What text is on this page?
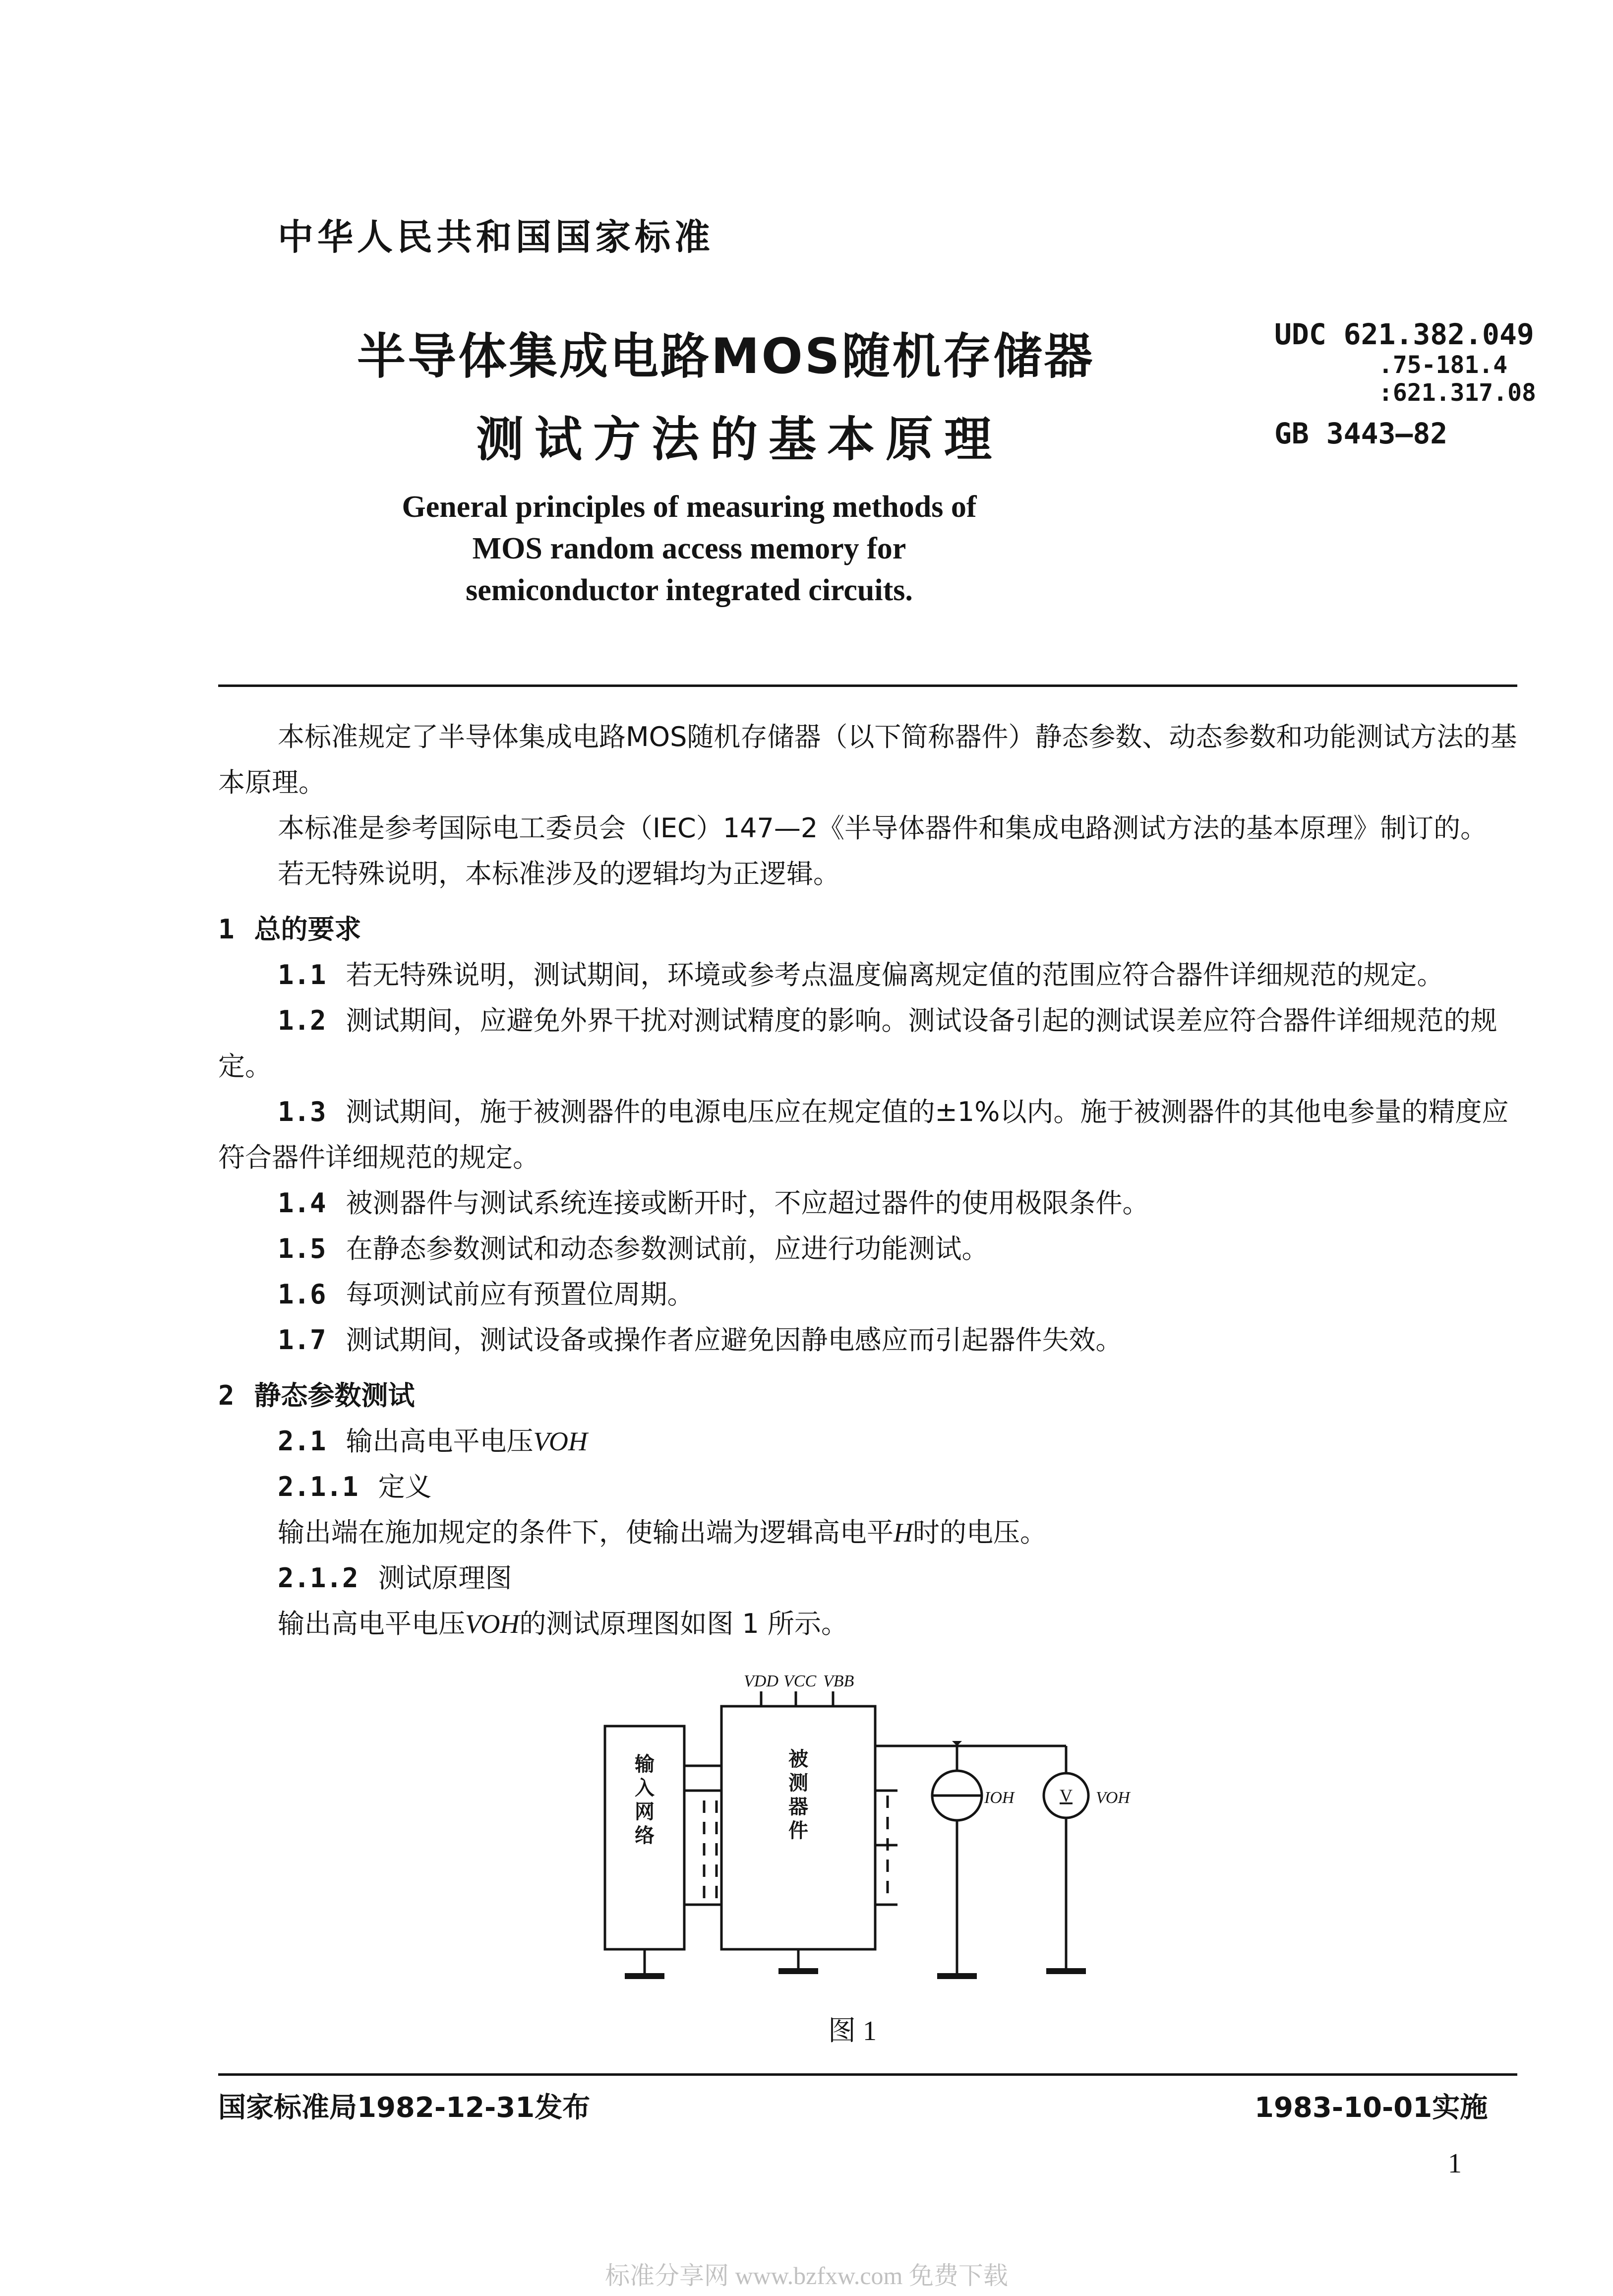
中华人民共和国国家标准
半导体集成电路MOS随机存储器
测试方法的基本原理
UDC 621.382.049
.75-181.4
:621.317.08
GB 3443—82
General principles of measuring methods of
MOS random access memory for
semiconductor integrated circuits.
本标准规定了半导体集成电路MOS随机存储器（以下简称器件）静态参数、动态参数和功能测试方法的基本原理。
本标准是参考国际电工委员会（IEC）147—2《半导体器件和集成电路测试方法的基本原理》制订的。
若无特殊说明，本标准涉及的逻辑均为正逻辑。
1 总的要求
1.1 若无特殊说明，测试期间，环境或参考点温度偏离规定值的范围应符合器件详细规范的规定。
1.2 测试期间，应避免外界干扰对测试精度的影响。测试设备引起的测试误差应符合器件详细规范的规定。
1.3 测试期间，施于被测器件的电源电压应在规定值的±1%以内。施于被测器件的其他电参量的精度应符合器件详细规范的规定。
1.4 被测器件与测试系统连接或断开时，不应超过器件的使用极限条件。
1.5 在静态参数测试和动态参数测试前，应进行功能测试。
1.6 每项测试前应有预置位周期。
1.7 测试期间，测试设备或操作者应避免因静电感应而引起器件失效。
2 静态参数测试
2.1 输出高电平电压VOH
2.1.1 定义
输出端在施加规定的条件下，使输出端为逻辑高电平H时的电压。
2.1.2 测试原理图
输出高电平电压VOH的测试原理图如图 1 所示。
VDD VCC VBB
IOH	VOH
V
输入网络
被测器件
图 1
国家标准局1982-12-31发布	1983-10-01实施
1
标准分享网 www.bzfxw.com 免费下载
